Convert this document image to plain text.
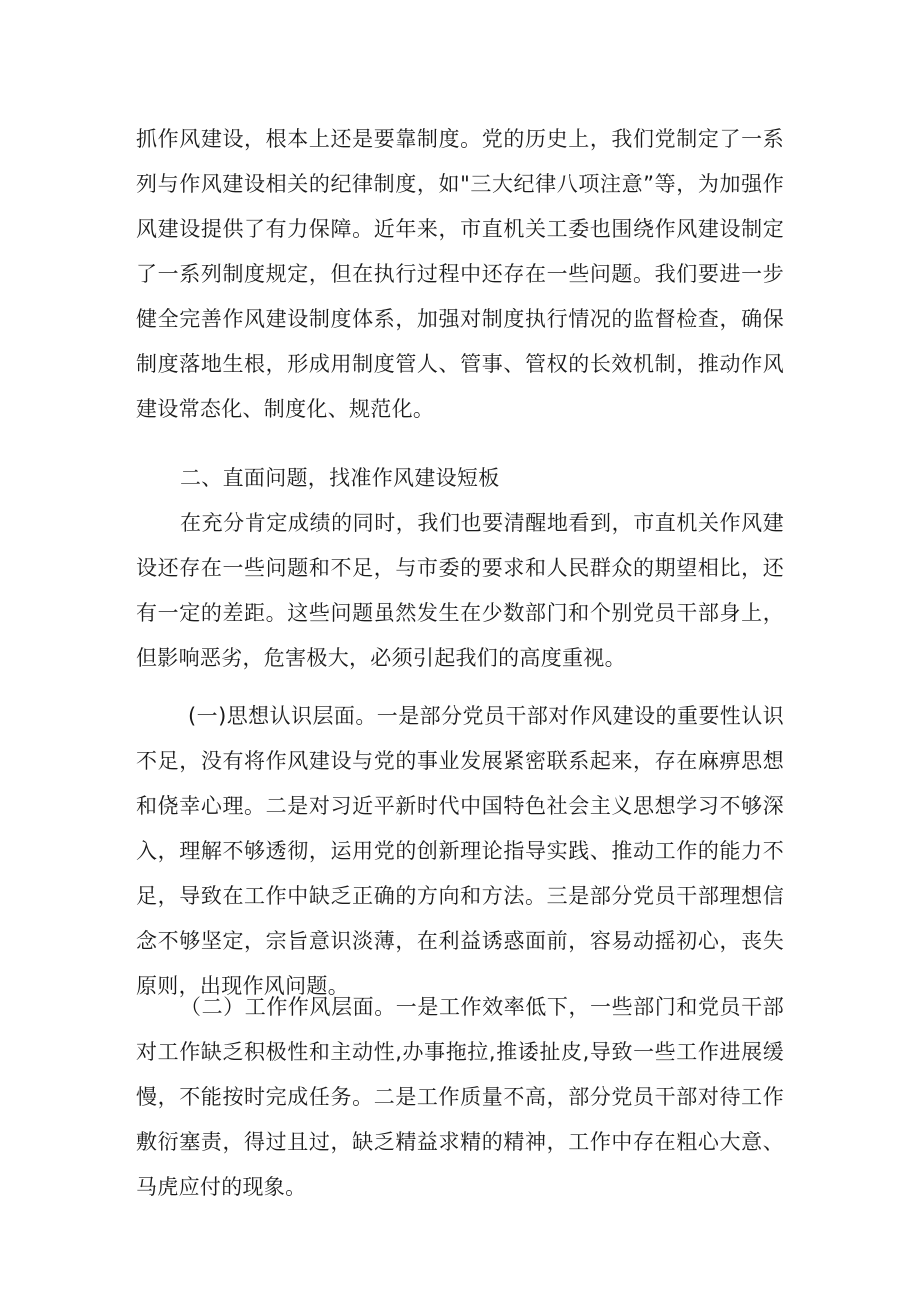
抓作风建设，根本上还是要靠制度。党的历史上，我们党制定了一系列与作风建设相关的纪律制度，如"三大纪律八项注意”等，为加强作风建设提供了有力保障。近年来，市直机关工委也围绕作风建设制定了一系列制度规定，但在执行过程中还存在一些问题。我们要进一步健全完善作风建设制度体系，加强对制度执行情况的监督检查，确保制度落地生根，形成用制度管人、管事、管权的长效机制，推动作风建设常态化、制度化、规范化。

二、直面问题，找准作风建设短板

在充分肯定成绩的同时，我们也要清醒地看到，市直机关作风建设还存在一些问题和不足，与市委的要求和人民群众的期望相比，还有一定的差距。这些问题虽然发生在少数部门和个别党员干部身上，但影响恶劣，危害极大，必须引起我们的高度重视。

(一)思想认识层面。一是部分党员干部对作风建设的重要性认识不足，没有将作风建设与党的事业发展紧密联系起来，存在麻痹思想和侥幸心理。二是对习近平新时代中国特色社会主义思想学习不够深入，理解不够透彻，运用党的创新理论指导实践、推动工作的能力不足，导致在工作中缺乏正确的方向和方法。三是部分党员干部理想信念不够坚定，宗旨意识淡薄，在利益诱惑面前，容易动摇初心，丧失原则，出现作风问题。

（二）工作作风层面。一是工作效率低下，一些部门和党员干部对工作缺乏积极性和主动性,办事拖拉,推诿扯皮,导致一些工作进展缓慢，不能按时完成任务。二是工作质量不高，部分党员干部对待工作敷衍塞责，得过且过，缺乏精益求精的精神，工作中存在粗心大意、马虎应付的现象。
